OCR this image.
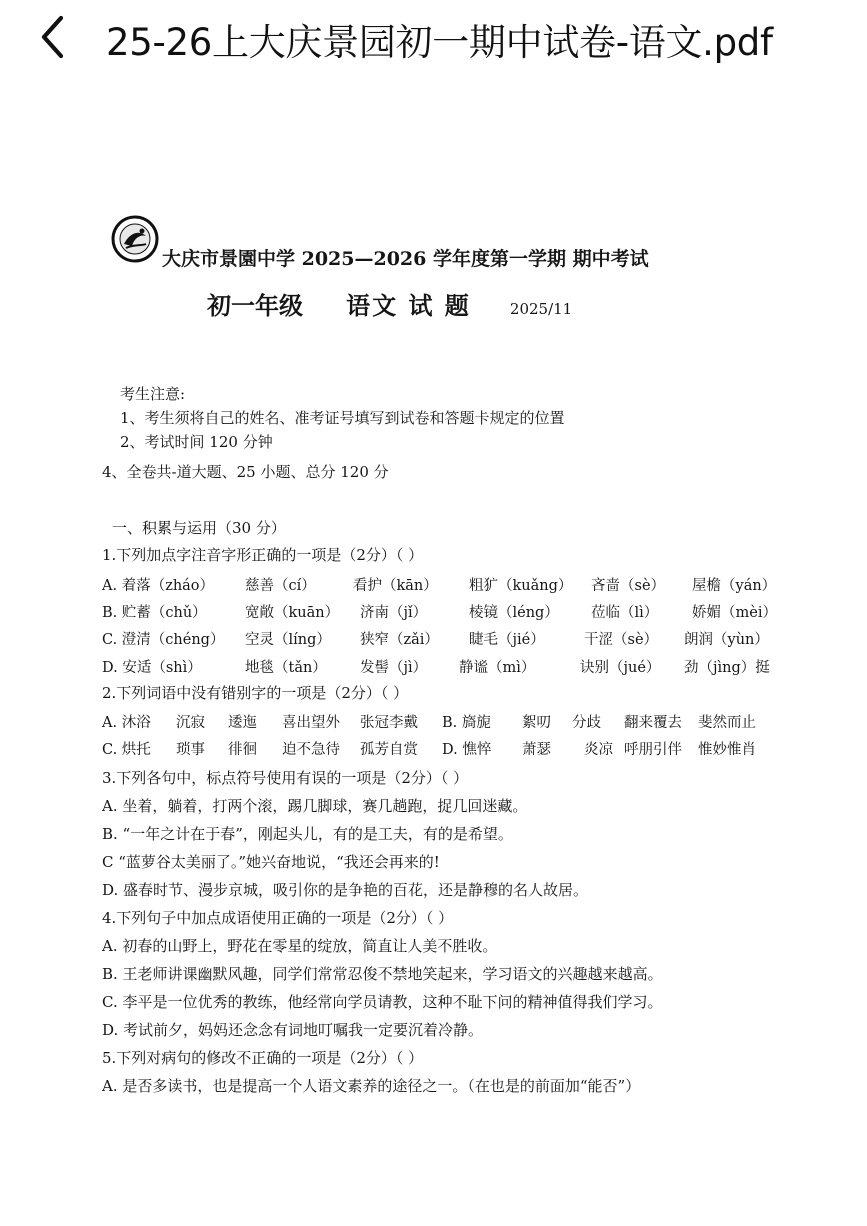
25-26上大庆景园初一期中试卷-语文.pdf
大庆市景園中学 2025—2026 学年度第一学期 期中考试
初一年级 语文 试 题	2025/11
考生注意:
1、考生须将自己的姓名、准考证号填写到试卷和答题卡规定的位置
2、考试时间 120 分钟
4、全卷共-道大题、25 小题、总分 120 分
一、积累与运用（30 分）
1.下列加点字注音字形正确的一项是（2分）（ ）
A. 着落（zháo） 慈善（cí）	看护（kān） 粗犷（kuǎng） 吝啬（sè） 屋檐（yán）
B. 贮蓄（chǔ）	宽敞（kuān） 济南（jǐ）	棱镜（léng） 莅临（lì） 娇媚（mèi）
C. 澄清（chéng） 空灵（líng） 狭窄（zǎi） 睫毛（jié）	干涩（sè） 朗润（yùn）
D. 安适（shì）	地毯（tǎn） 发髻（jì） 静谧（mì）	诀别（jué） 劲（jìng）挺
2.下列词语中没有错别字的一项是（2分）（ ）
A. 沐浴 沉寂 逶迤 喜出望外 张冠李戴 B. 旖旎 絮叨 分歧 翻来覆去 斐然而止
C. 烘托 琐事 徘徊 迫不急待 孤芳自赏 D. 憔悴 萧瑟 炎凉 呼朋引伴 惟妙惟肖
3.下列各句中，标点符号使用有误的一项是（2分）（ ）
A. 坐着，躺着，打两个滚，踢几脚球，赛几趟跑，捉几回迷藏。
B. “一年之计在于春”，刚起头儿，有的是工夫，有的是希望。
C “蓝萝谷太美丽了。”她兴奋地说，“我还会再来的!
D. 盛春时节、漫步京城，吸引你的是争艳的百花，还是静穆的名人故居。
4.下列句子中加点成语使用正确的一项是（2分）（ ）
A. 初春的山野上，野花在零星的绽放，简直让人美不胜收。
B. 王老师讲课幽默风趣，同学们常常忍俊不禁地笑起来，学习语文的兴趣越来越高。
C. 李平是一位优秀的教练，他经常向学员请教，这种不耻下问的精神值得我们学习。
D. 考试前夕，妈妈还念念有词地叮嘱我一定要沉着冷静。
5.下列对病句的修改不正确的一项是（2分）（ ）
A. 是否多读书，也是提高一个人语文素养的途径之一。（在也是的前面加“能否”）
